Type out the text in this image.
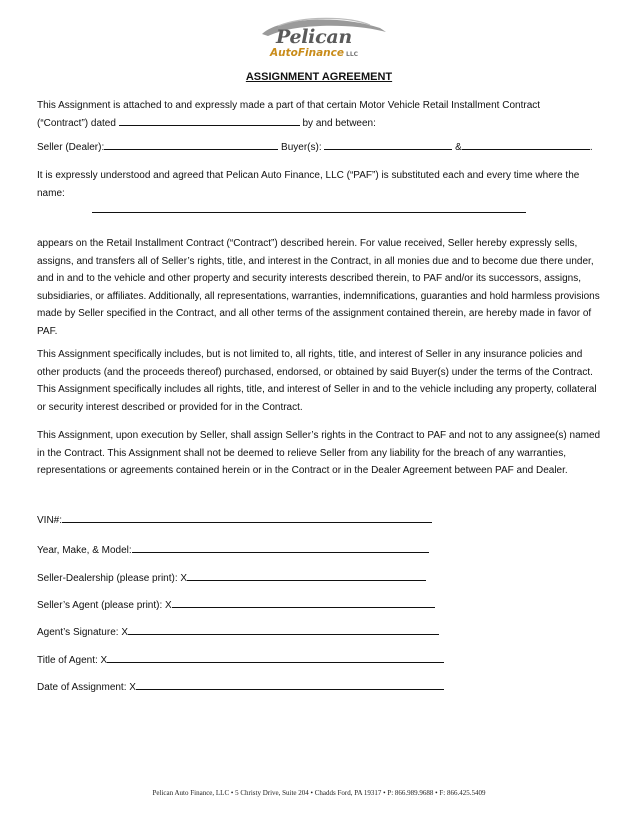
Pelican
AutoFinance LLC
ASSIGNMENT AGREEMENT

This Assignment is attached to and expressly made a part of that certain Motor Vehicle Retail Installment Contract
(“Contract”) dated	by and between:

Seller (Dealer):	Buyer(s):	&	.

It is expressly understood and agreed that Pelican Auto Finance, LLC (“PAF”) is substituted each and every time where the name:

appears on the Retail Installment Contract (“Contract”) described herein. For value received, Seller hereby expressly sells, assigns, and transfers all of Seller’s rights, title, and interest in the Contract, in all monies due and to become due there under, and in and to the vehicle and other property and security interests described therein, to PAF and/or its successors, assigns, subsidiaries, or affiliates. Additionally, all representations, warranties, indemnifications, guaranties and hold harmless provisions made by Seller specified in the Contract, and all other terms of the assignment contained therein, are hereby made in favor of PAF.

This Assignment specifically includes, but is not limited to, all rights, title, and interest of Seller in any insurance policies and other products (and the proceeds thereof) purchased, endorsed, or obtained by said Buyer(s) under the terms of the Contract. This Assignment specifically includes all rights, title, and interest of Seller in and to the vehicle including any property, collateral or security interest described or provided for in the Contract.

This Assignment, upon execution by Seller, shall assign Seller’s rights in the Contract to PAF and not to any assignee(s) named in the Contract. This Assignment shall not be deemed to relieve Seller from any liability for the breach of any warranties, representations or agreements contained herein or in the Contract or in the Dealer Agreement between PAF and Dealer.

VIN#:
Year, Make, & Model:
Seller-Dealership (please print): X
Seller’s Agent (please print): X
Agent’s Signature: X
Title of Agent: X
Date of Assignment: X
Pelican Auto Finance, LLC • 5 Christy Drive, Suite 204 • Chadds Ford, PA 19317 • P: 866.989.9688 • F: 866.425.5409
